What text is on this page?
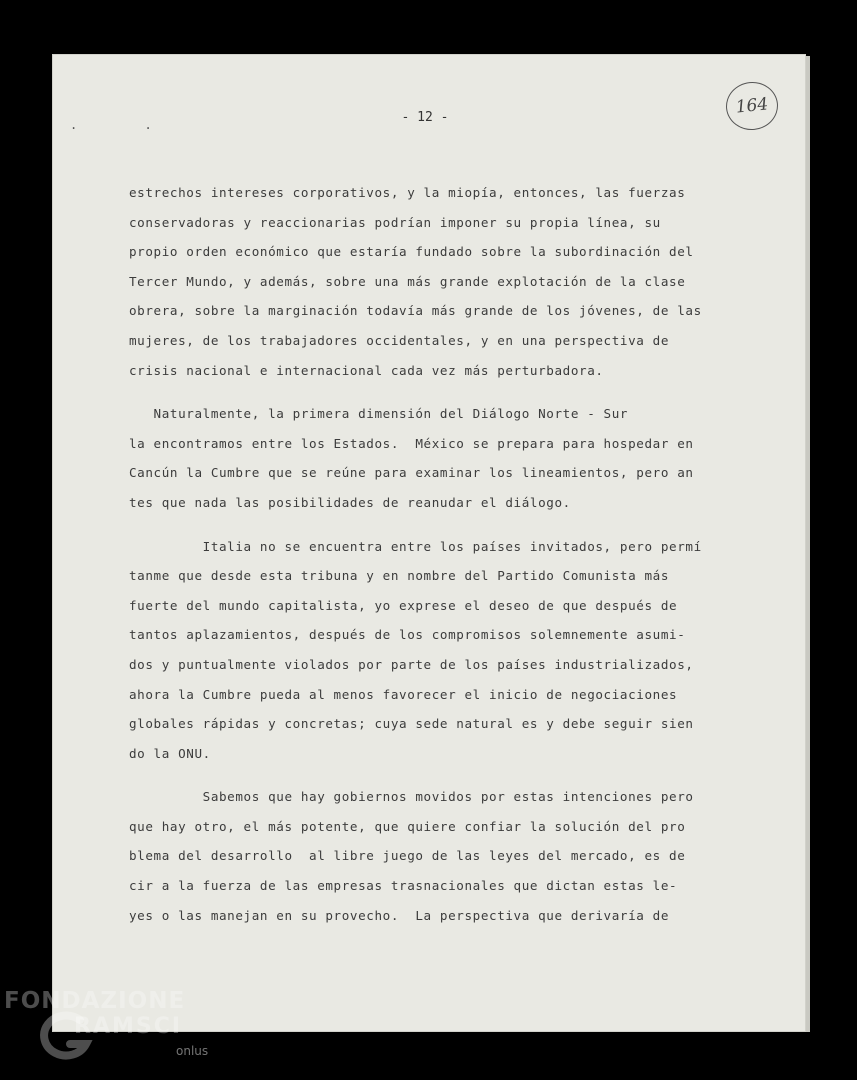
. .	- 12 -	164
estrechos intereses corporativos, y la miopía, entonces, las fuerzas
conservadoras y reaccionarias podrían imponer su propia línea, su
propio orden económico que estaría fundado sobre la subordinación del
Tercer Mundo, y además, sobre una más grande explotación de la clase
obrera, sobre la marginación todavía más grande de los jóvenes, de las
mujeres, de los trabajadores occidentales, y en una perspectiva de
crisis nacional e internacional cada vez más perturbadora.
Naturalmente, la primera dimensión del Diálogo Norte - Sur
la encontramos entre los Estados.  México se prepara para hospedar en
Cancún la Cumbre que se reúne para examinar los lineamientos, pero an
tes que nada las posibilidades de reanudar el diálogo.
Italia no se encuentra entre los países invitados, pero permí
tanme que desde esta tribuna y en nombre del Partido Comunista más
fuerte del mundo capitalista, yo exprese el deseo de que después de
tantos aplazamientos, después de los compromisos solemnemente asumi-
dos y puntualmente violados por parte de los países industrializados,
ahora la Cumbre pueda al menos favorecer el inicio de negociaciones
globales rápidas y concretas; cuya sede natural es y debe seguir sien
do la ONU.
Sabemos que hay gobiernos movidos por estas intenciones pero
que hay otro, el más potente, que quiere confiar la solución del pro
blema del desarrollo  al libre juego de las leyes del mercado, es de
cir a la fuerza de las empresas trasnacionales que dictan estas le-
yes o las manejan en su provecho.  La perspectiva que derivaría de
FONDAZIONE
RAMSCI
onlus
